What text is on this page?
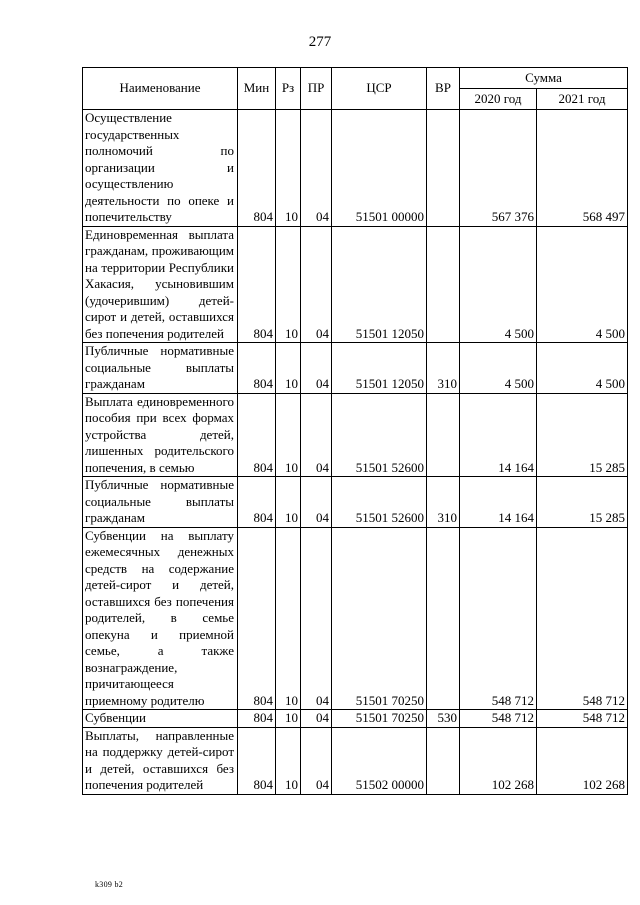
277
Наименование	Мин	Рз	ПР	ЦСР	ВР	Сумма	
						2020 год	2021 год
Осуществление государственных полномочий по организации и осуществлению деятельности по опеке и попечительству	804	10	04	51501 00000		567 376	568 497
Единовременная выплата гражданам, проживающим на территории Республики Хакасия, усыновившим (удочерившим) детей-сирот и детей, оставшихся без попечения родителей	804	10	04	51501 12050		4 500	4 500
Публичные нормативные социальные выплаты гражданам	804	10	04	51501 12050	310	4 500	4 500
Выплата единовременного пособия при всех формах устройства детей, лишенных родительского попечения, в семью	804	10	04	51501 52600		14 164	15 285
Публичные нормативные социальные выплаты гражданам	804	10	04	51501 52600	310	14 164	15 285
Субвенции на выплату ежемесячных денежных средств на содержание детей-сирот и детей, оставшихся без попечения родителей, в семье опекуна и приемной семье, а также вознаграждение, причитающееся приемному родителю	804	10	04	51501 70250		548 712	548 712
Субвенции	804	10	04	51501 70250	530	548 712	548 712
Выплаты, направленные на поддержку детей-сирот и детей, оставшихся без попечения родителей	804	10	04	51502 00000		102 268	102 268
k309 b2
